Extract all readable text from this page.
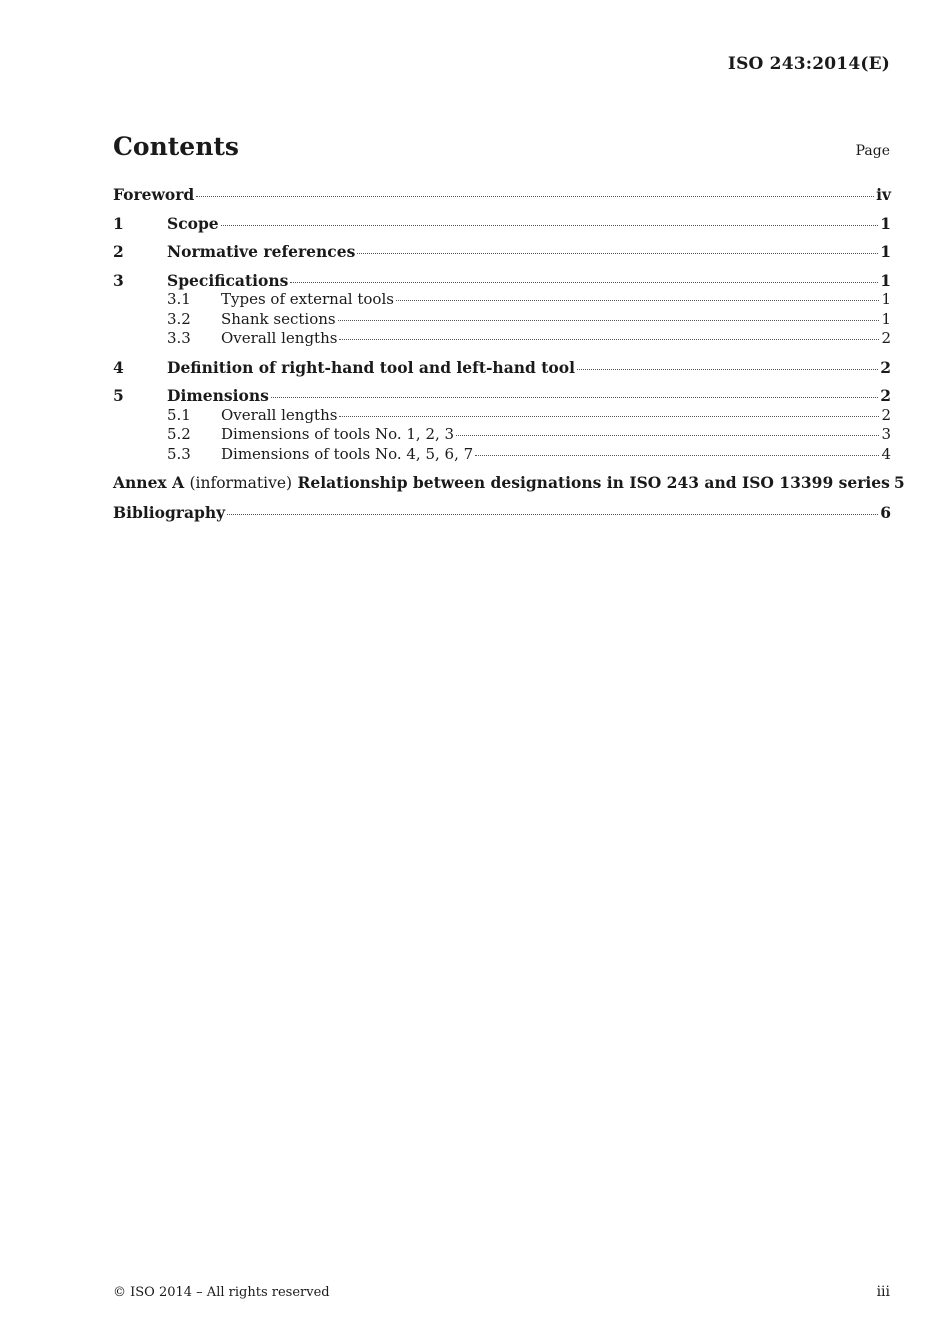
ISO 243:2014(E)
Contents	Page
Foreword	iv
1	Scope	1
2	Normative references	1
3	Specifications	1
3.1	Types of external tools	1
3.2	Shank sections	1
3.3	Overall lengths	2
4	Definition of right-hand tool and left-hand tool	2
5	Dimensions	2
5.1	Overall lengths	2
5.2	Dimensions of tools No. 1, 2, 3	3
5.3	Dimensions of tools No. 4, 5, 6, 7	4
Annex A (informative) Relationship between designations in ISO 243 and ISO 13399 series 5
Bibliography	6
© ISO 2014 – All rights reserved	iii
